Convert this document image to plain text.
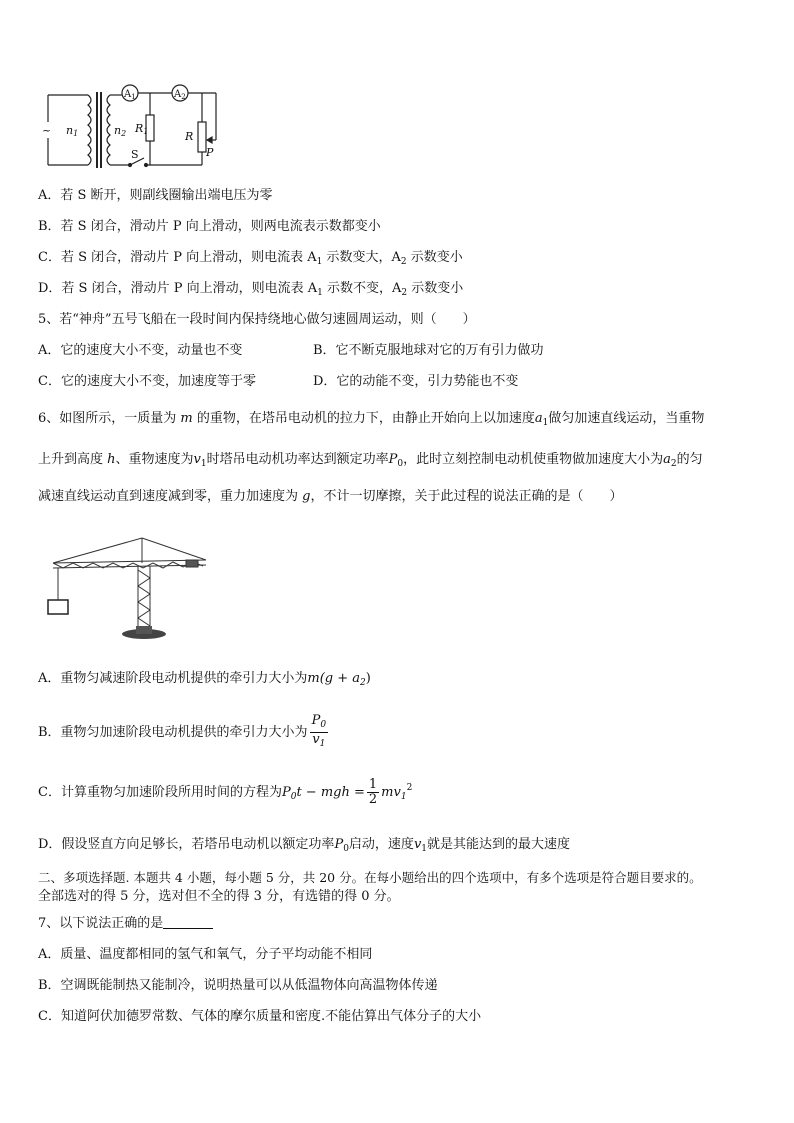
~ n1	n2
$A_1$	$A_2$
R1	R
P
S
A．若 S 断开，则副线圈输出端电压为零
B．若 S 闭合，滑动片 P 向上滑动，则两电流表示数都变小
C．若 S 闭合，滑动片 P 向上滑动，则电流表 $A_1$ 示数变大，$A_2$ 示数变小
D．若 S 闭合，滑动片 P 向上滑动，则电流表 $A_1$ 示数不变，$A_2$ 示数变小
5、若“神舟”五号飞船在一段时间内保持绕地心做匀速圆周运动，则（　　）
A．它的速度大小不变，动量也不变	B．它不断克服地球对它的万有引力做功
C．它的速度大小不变，加速度等于零	D．它的动能不变，引力势能也不变
6、如图所示，一质量为 m 的重物，在塔吊电动机的拉力下，由静止开始向上以加速度$a_1$做匀加速直线运动，当重物
上升到高度 h、重物速度为$v_1$时塔吊电动机功率达到额定功率$P_0$，此时立刻控制电动机使重物做加速度大小为$a_2$的匀
减速直线运动直到速度减到零，重力加速度为 g，不计一切摩擦，关于此过程的说法正确的是（　　）
A．重物匀减速阶段电动机提供的牵引力大小为$m(g + a_2)$
B．重物匀加速阶段电动机提供的牵引力大小为 $\frac{P_0}{v_1}$
C．计算重物匀加速阶段所用时间的方程为$P_0t$ − mgh = $\frac{1}{2} mv_1^2$
D．假设竖直方向足够长，若塔吊电动机以额定功率$P_0$启动，速度$v_1$就是其能达到的最大速度
二、多项选择题. 本题共 4 小题，每小题 5 分，共 20 分。在每小题给出的四个选项中，有多个选项是符合题目要求的。
全部选对的得 5 分，选对但不全的得 3 分，有选错的得 0 分。
7、以下说法正确的是
A．质量、温度都相同的氢气和氧气，分子平均动能不相同
B．空调既能制热又能制冷，说明热量可以从低温物体向高温物体传递
C．知道阿伏加德罗常数、气体的摩尔质量和密度.不能估算出气体分子的大小
